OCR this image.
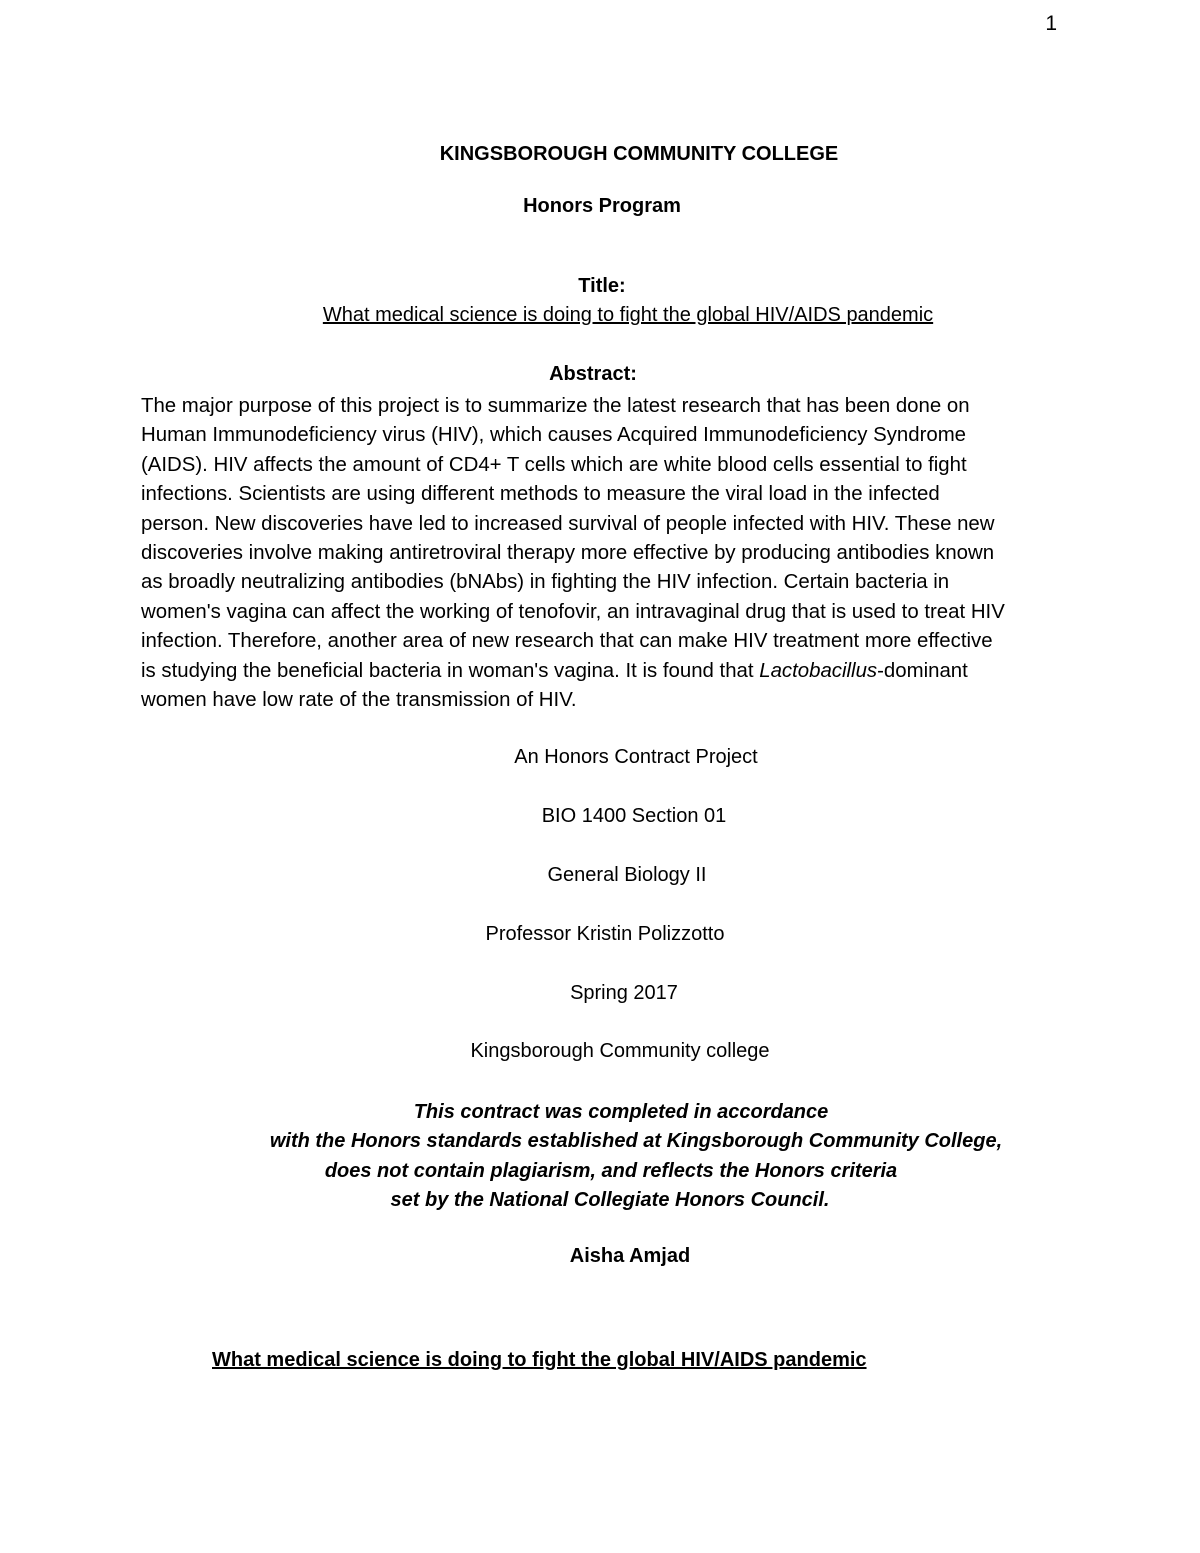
1
KINGSBOROUGH COMMUNITY COLLEGE
Honors Program
Title:
What medical science is doing to fight the global HIV/AIDS pandemic
Abstract:
The major purpose of this project is to summarize the latest research that has been done on
Human Immunodeficiency virus (HIV), which causes Acquired Immunodeficiency Syndrome
(AIDS). HIV affects the amount of CD4+ T cells which are white blood cells essential to fight
infections. Scientists are using different methods to measure the viral load in the infected
person. New discoveries have led to increased survival of people infected with HIV. These new
discoveries involve making antiretroviral therapy more effective by producing antibodies known
as broadly neutralizing antibodies (bNAbs) in fighting the HIV infection. Certain bacteria in
women's vagina can affect the working of tenofovir, an intravaginal drug that is used to treat HIV
infection. Therefore, another area of new research that can make HIV treatment more effective
is studying the beneficial bacteria in woman's vagina. It is found that Lactobacillus-dominant
women have low rate of the transmission of HIV.
An Honors Contract Project
BIO 1400 Section 01
General Biology II
Professor Kristin Polizzotto
Spring 2017
Kingsborough Community college
This contract was completed in accordance
with the Honors standards established at Kingsborough Community College,
does not contain plagiarism, and reflects the Honors criteria
set by the National Collegiate Honors Council.
Aisha Amjad
What medical science is doing to fight the global HIV/AIDS pandemic
